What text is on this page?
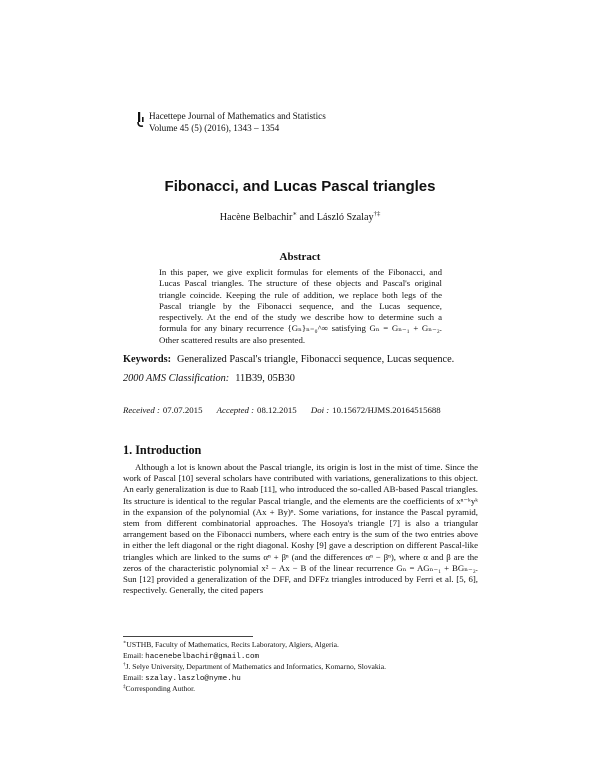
Hacettepe Journal of Mathematics and Statistics
Volume 45 (5) (2016), 1343 – 1354
Fibonacci, and Lucas Pascal triangles
Hacène Belbachir∗ and László Szalay†‡
Abstract

In this paper, we give explicit formulas for elements of the Fibonacci, and Lucas Pascal triangles. The structure of these objects and Pascal's original triangle coincide. Keeping the rule of addition, we replace both legs of the Pascal triangle by the Fibonacci sequence, and the Lucas sequence, respectively. At the end of the study we describe how to determine such a formula for any binary recurrence {Gₙ}ₙ₌₀^∞ satisfying Gₙ = Gₙ₋₁ + Gₙ₋₂. Other scattered results are also presented.

Keywords: Generalized Pascal's triangle, Fibonacci sequence, Lucas sequence.
2000 AMS Classification: 11B39, 05B30
Received : 07.07.2015 Accepted : 08.12.2015 Doi : 10.15672/HJMS.20164515688
1. Introduction

Although a lot is known about the Pascal triangle, its origin is lost in the mist of time. Since the work of Pascal [10] several scholars have contributed with variations, generalizations to this object. An early generalization is due to Raab [11], who introduced the so-called AB-based Pascal triangles. Its structure is identical to the regular Pascal triangle, and the elements are the coefficients of xⁿ⁻ᵏyᵏ in the expansion of the polynomial (Ax + By)ⁿ. Some variations, for instance the Pascal pyramid, stem from different combinatorial approaches. The Hosoya's triangle [7] is also a triangular arrangement based on the Fibonacci numbers, where each entry is the sum of the two entries above in either the left diagonal or the right diagonal. Koshy [9] gave a description on different Pascal-like triangles which are linked to the sums αⁿ + βⁿ (and the differences αⁿ − βⁿ), where α and β are the zeros of the characteristic polynomial x² − Ax − B of the linear recurrence Gₙ = AGₙ₋₁ + BGₙ₋₂. Sun [12] provided a generalization of the DFF, and DFFz triangles introduced by Ferri et al. [5, 6], respectively. Generally, the cited papers

∗USTHB, Faculty of Mathematics, Recits Laboratory, Algiers, Algeria.
Email: hacenebelbachir@gmail.com
†J. Selye University, Department of Mathematics and Informatics, Komarno, Slovakia.
Email: szalay.laszlo@nyme.hu
‡Corresponding Author.
